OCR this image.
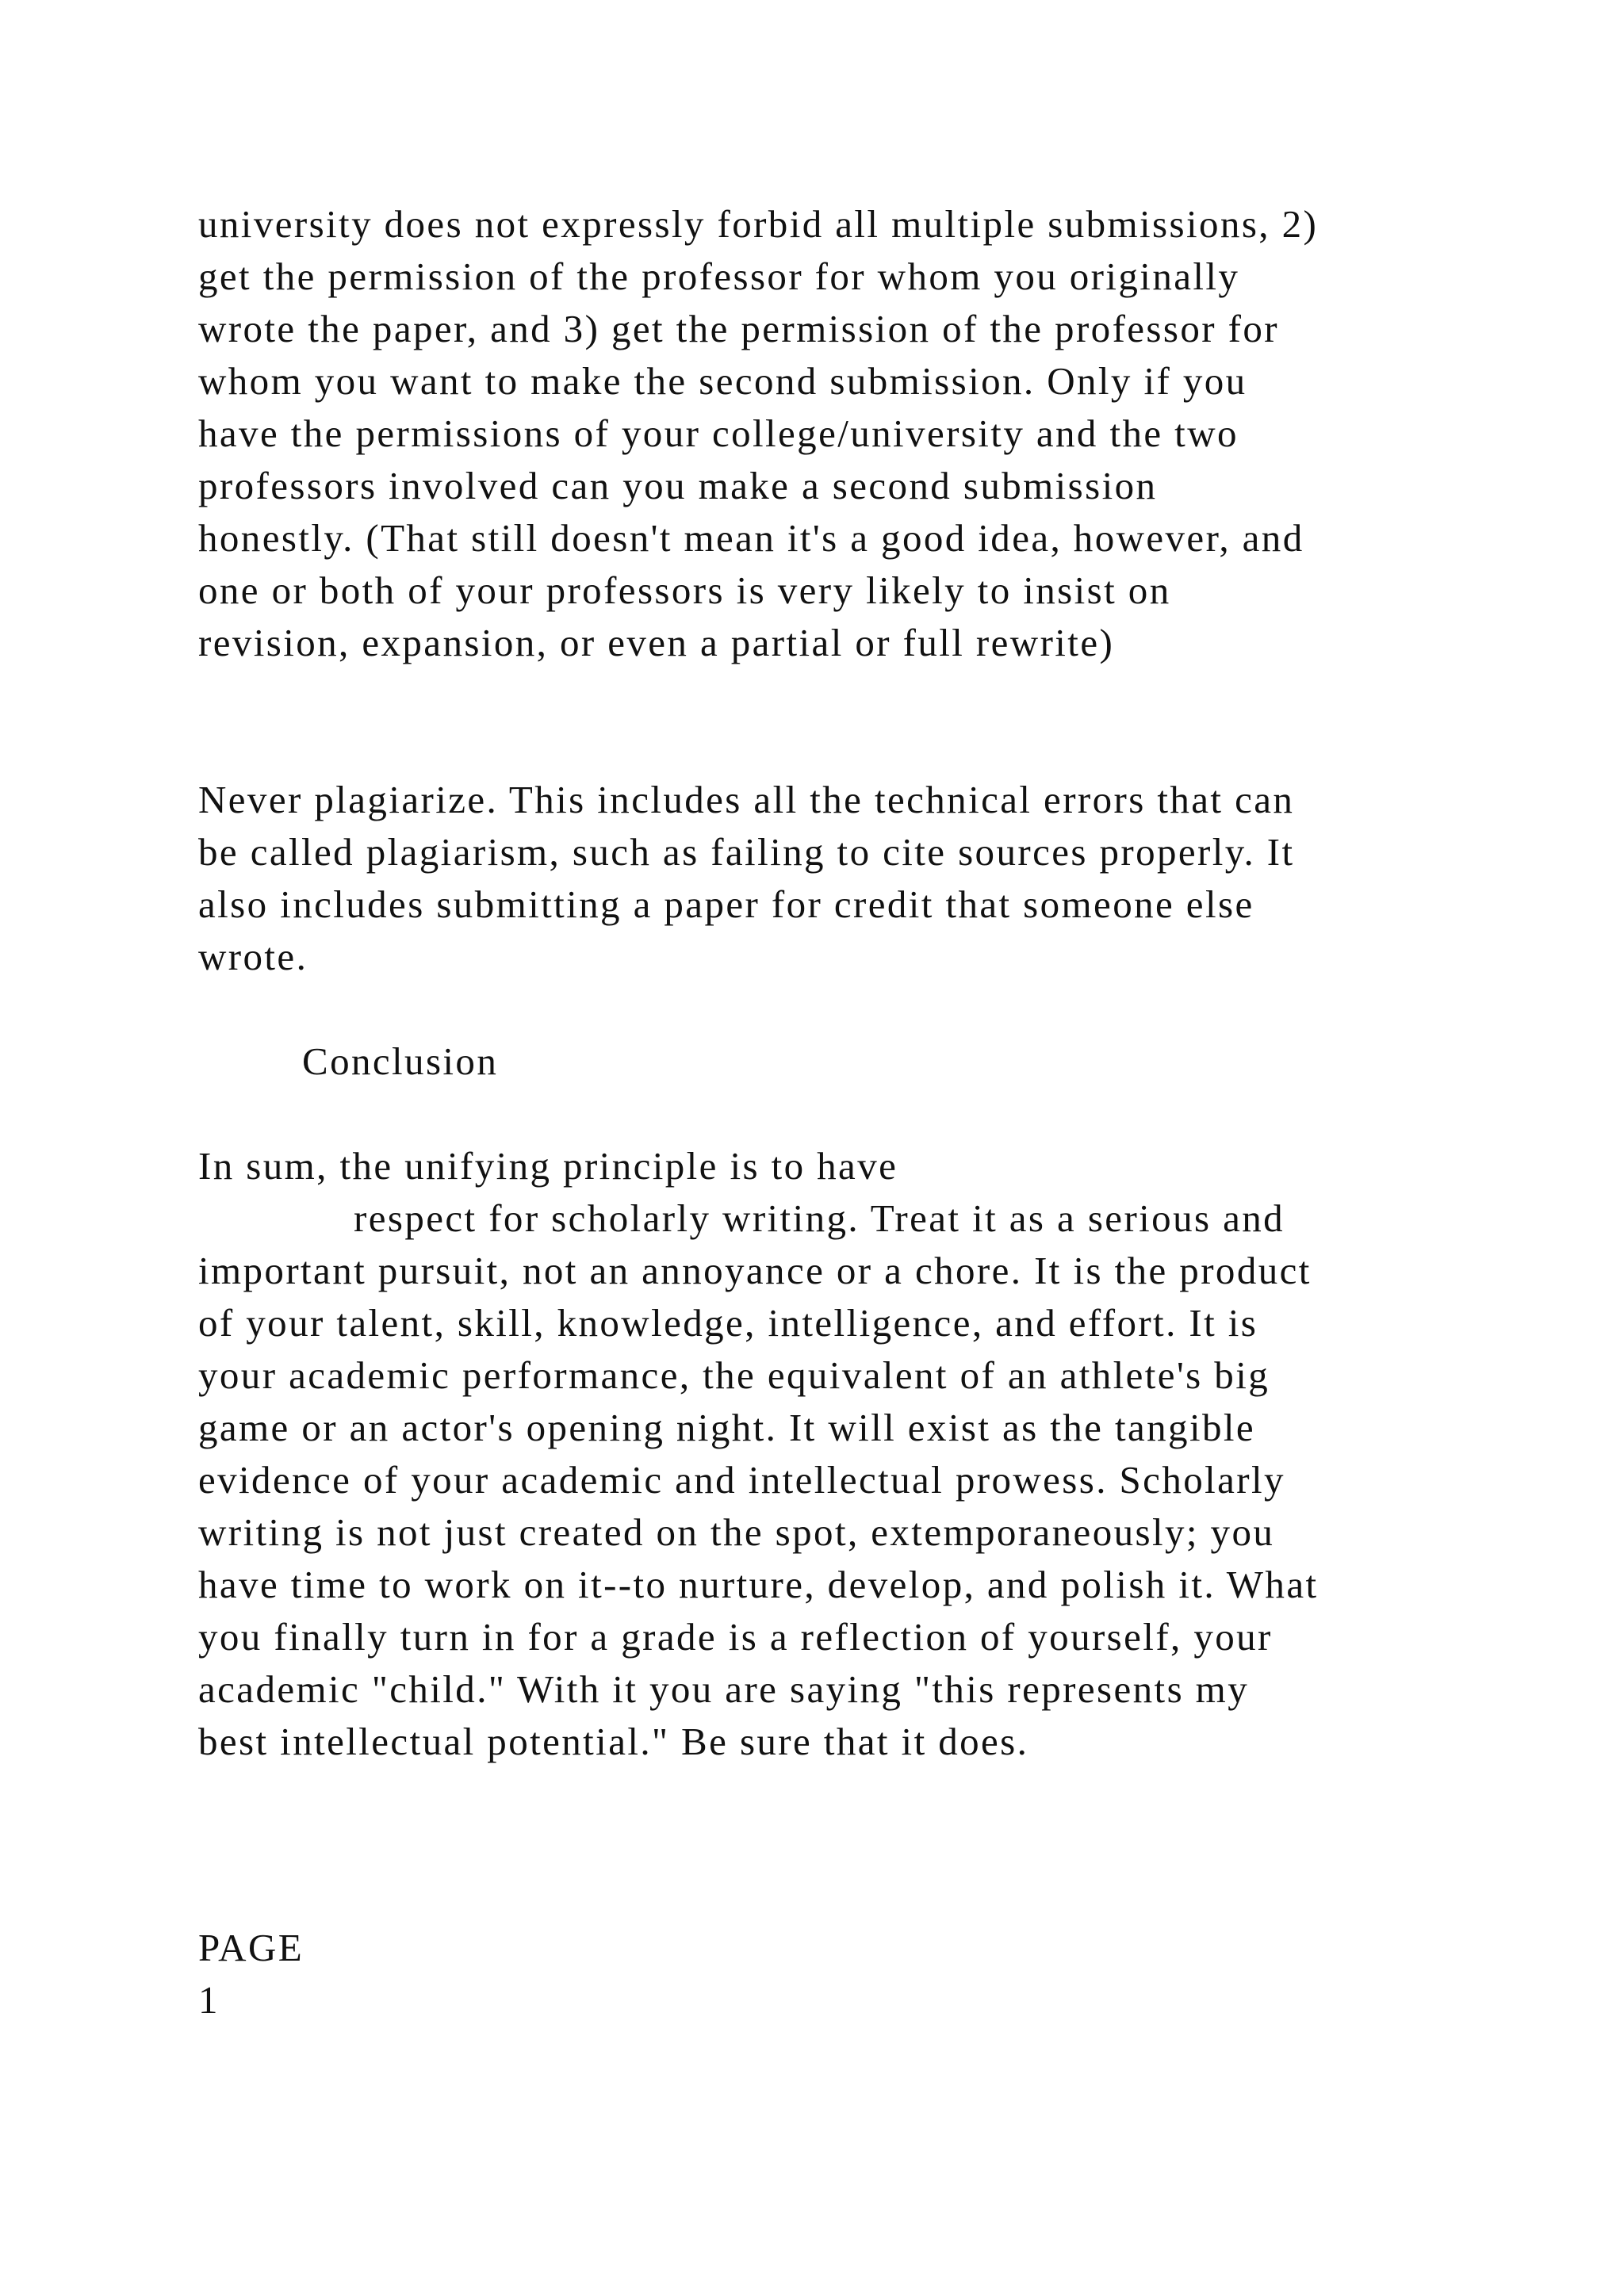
university does not expressly forbid all multiple submissions, 2)
get the permission of the professor for whom you originally
wrote the paper, and 3) get the permission of the professor for
whom you want to make the second submission. Only if you
have the permissions of your college/university and the two
professors involved can you make a second submission
honestly. (That still doesn't mean it's a good idea, however, and
one or both of your professors is very likely to insist on
revision, expansion, or even a partial or full rewrite)
Never plagiarize. This includes all the technical errors that can
be called plagiarism, such as failing to cite sources properly. It
also includes submitting a paper for credit that someone else
wrote.
Conclusion
In sum, the unifying principle is to have
respect for scholarly writing. Treat it as a serious and
important pursuit, not an annoyance or a chore. It is the product
of your talent, skill, knowledge, intelligence, and effort. It is
your academic performance, the equivalent of an athlete's big
game or an actor's opening night. It will exist as the tangible
evidence of your academic and intellectual prowess. Scholarly
writing is not just created on the spot, extemporaneously; you
have time to work on it--to nurture, develop, and polish it. What
you finally turn in for a grade is a reflection of yourself, your
academic "child." With it you are saying "this represents my
best intellectual potential." Be sure that it does.
PAGE
1
